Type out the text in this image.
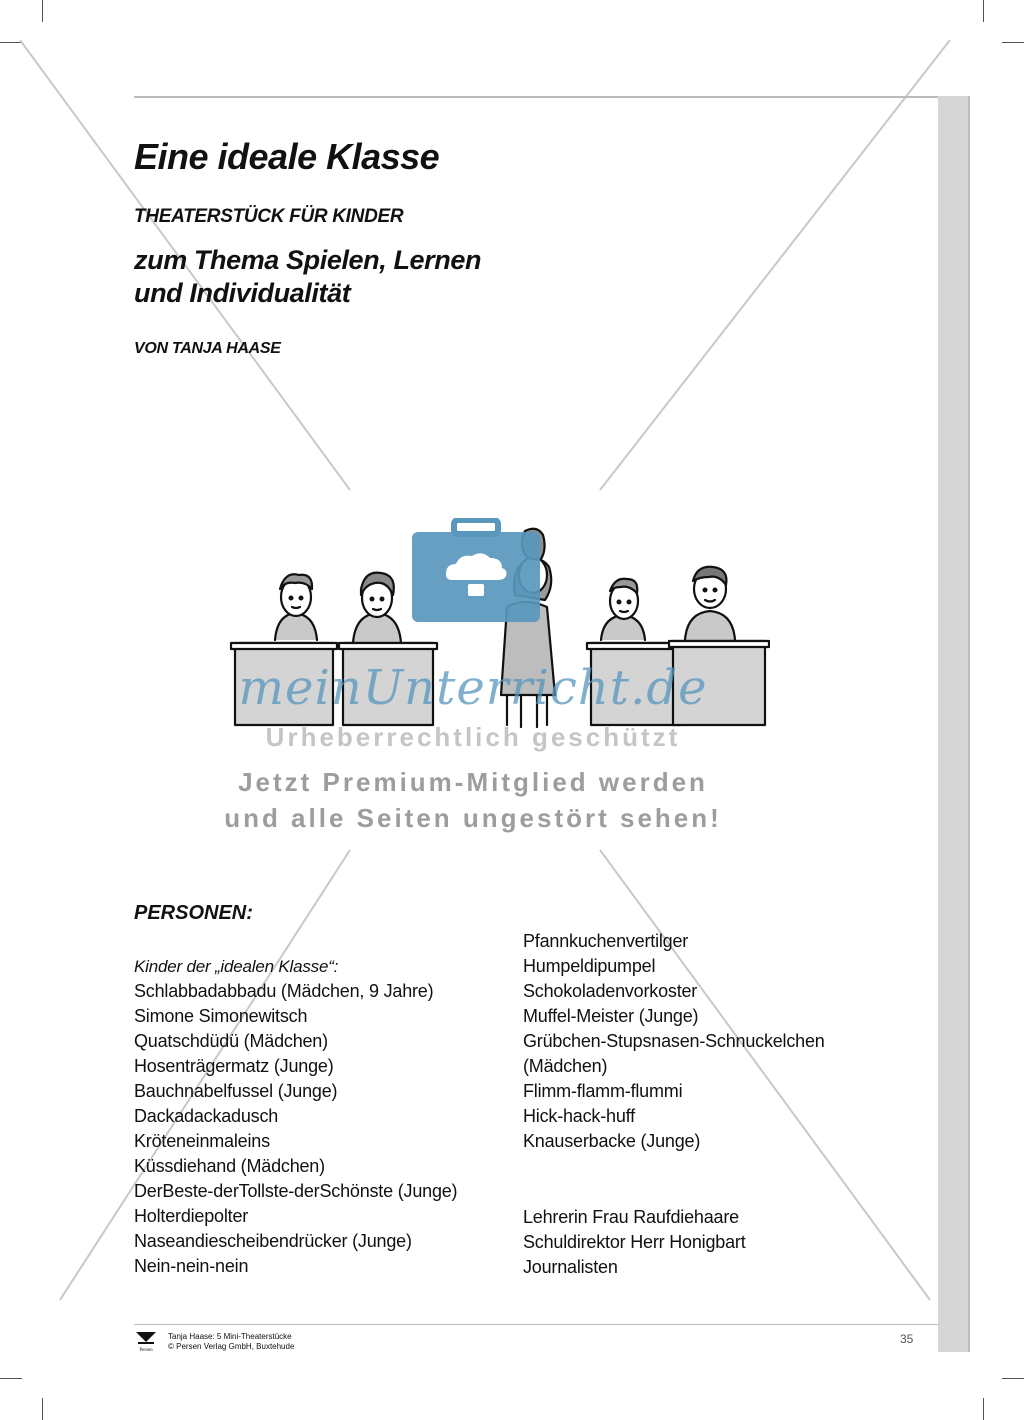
Eine ideale Klasse
THEATERSTÜCK FÜR KINDER
zum Thema Spielen, Lernen
und Individualität
VON TANJA HAASE
meinUnterricht.de
Urheberrechtlich geschützt
Jetzt Premium-Mitglied werden
und alle Seiten ungestört sehen!
PERSONEN:
Kinder der „idealen Klasse“:
Schlabbadabbadu (Mädchen, 9 Jahre)
Simone Simonewitsch
Quatschdüdü (Mädchen)
Hosenträgermatz (Junge)
Bauchnabelfussel (Junge)
Dackadackadusch
Kröteneinmaleins
Küssdiehand (Mädchen)
DerBeste-derTollste-derSchönste (Junge)
Holterdiepolter
Naseandiescheibendrücker (Junge)
Nein-nein-nein
Pfannkuchenvertilger
Humpeldipumpel
Schokoladenvorkoster
Muffel-Meister (Junge)
Grübchen-Stupsnasen-Schnuckelchen
(Mädchen)
Flimm-flamm-flummi
Hick-hack-huff
Knauserbacke (Junge)
Lehrerin Frau Raufdiehaare
Schuldirektor Herr Honigbart
Journalisten
Persen
Tanja Haase: 5 Mini-Theaterstücke
© Persen Verlag GmbH, Buxtehude
35
